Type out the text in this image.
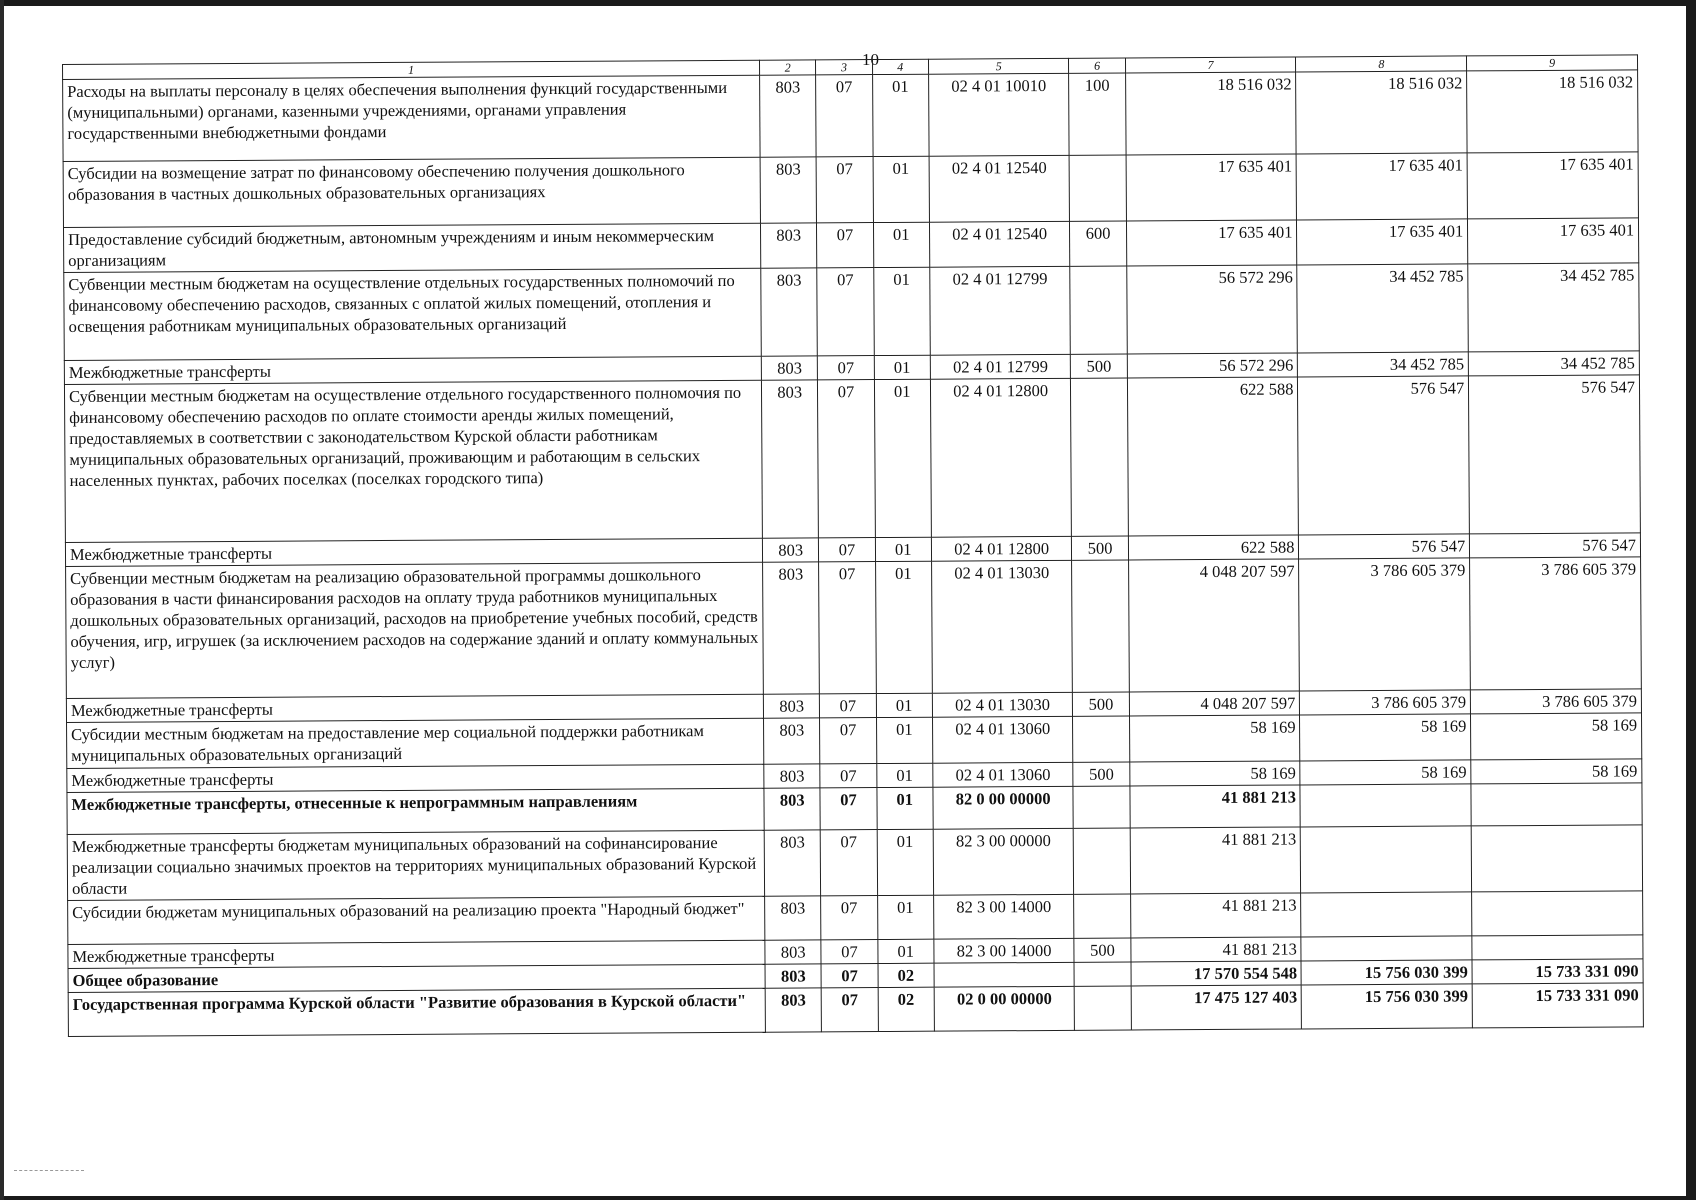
10
1	2	3	4	5	6	7	8	9
Расходы на выплаты персоналу в целях обеспечения выполнения функций государственными (муниципальными) органами, казенными учреждениями, органами управления государственными внебюджетными фондами	803	07	01	02 4 01 10010	100	18 516 032	18 516 032	18 516 032
Субсидии на возмещение затрат по финансовому обеспечению получения дошкольного образования в частных дошкольных образовательных организациях	803	07	01	02 4 01 12540		17 635 401	17 635 401	17 635 401
Предоставление субсидий бюджетным, автономным учреждениям и иным некоммерческим организациям	803	07	01	02 4 01 12540	600	17 635 401	17 635 401	17 635 401
Субвенции местным бюджетам на осуществление отдельных государственных полномочий по финансовому обеспечению расходов, связанных с оплатой жилых помещений, отопления и освещения работникам муниципальных образовательных организаций	803	07	01	02 4 01 12799		56 572 296	34 452 785	34 452 785
Межбюджетные трансферты	803	07	01	02 4 01 12799	500	56 572 296	34 452 785	34 452 785
Субвенции местным бюджетам на осуществление отдельного государственного полномочия по финансовому обеспечению расходов по оплате стоимости аренды жилых помещений, предоставляемых в соответствии с законодательством Курской области работникам муниципальных образовательных организаций, проживающим и работающим в сельских населенных пунктах, рабочих поселках (поселках городского типа)	803	07	01	02 4 01 12800		622 588	576 547	576 547
Межбюджетные трансферты	803	07	01	02 4 01 12800	500	622 588	576 547	576 547
Субвенции местным бюджетам на реализацию образовательной программы дошкольного образования в части финансирования расходов на оплату труда работников муниципальных дошкольных образовательных организаций, расходов на приобретение учебных пособий, средств обучения, игр, игрушек (за исключением расходов на содержание зданий и оплату коммунальных услуг)	803	07	01	02 4 01 13030		4 048 207 597	3 786 605 379	3 786 605 379
Межбюджетные трансферты	803	07	01	02 4 01 13030	500	4 048 207 597	3 786 605 379	3 786 605 379
Субсидии местным бюджетам на предоставление мер социальной поддержки работникам муниципальных образовательных организаций	803	07	01	02 4 01 13060		58 169	58 169	58 169
Межбюджетные трансферты	803	07	01	02 4 01 13060	500	58 169	58 169	58 169
Межбюджетные трансферты, отнесенные к непрограммным направлениям	803	07	01	82 0 00 00000		41 881 213		
Межбюджетные трансферты бюджетам муниципальных образований на софинансирование реализации социально значимых проектов на территориях муниципальных образований Курской области	803	07	01	82 3 00 00000		41 881 213		
Субсидии бюджетам муниципальных образований на реализацию проекта "Народный бюджет"	803	07	01	82 3 00 14000		41 881 213		
Межбюджетные трансферты	803	07	01	82 3 00 14000	500	41 881 213		
Общее образование	803	07	02			17 570 554 548	15 756 030 399	15 733 331 090
Государственная программа Курской области "Развитие образования в Курской области"	803	07	02	02 0 00 00000		17 475 127 403	15 756 030 399	15 733 331 090
